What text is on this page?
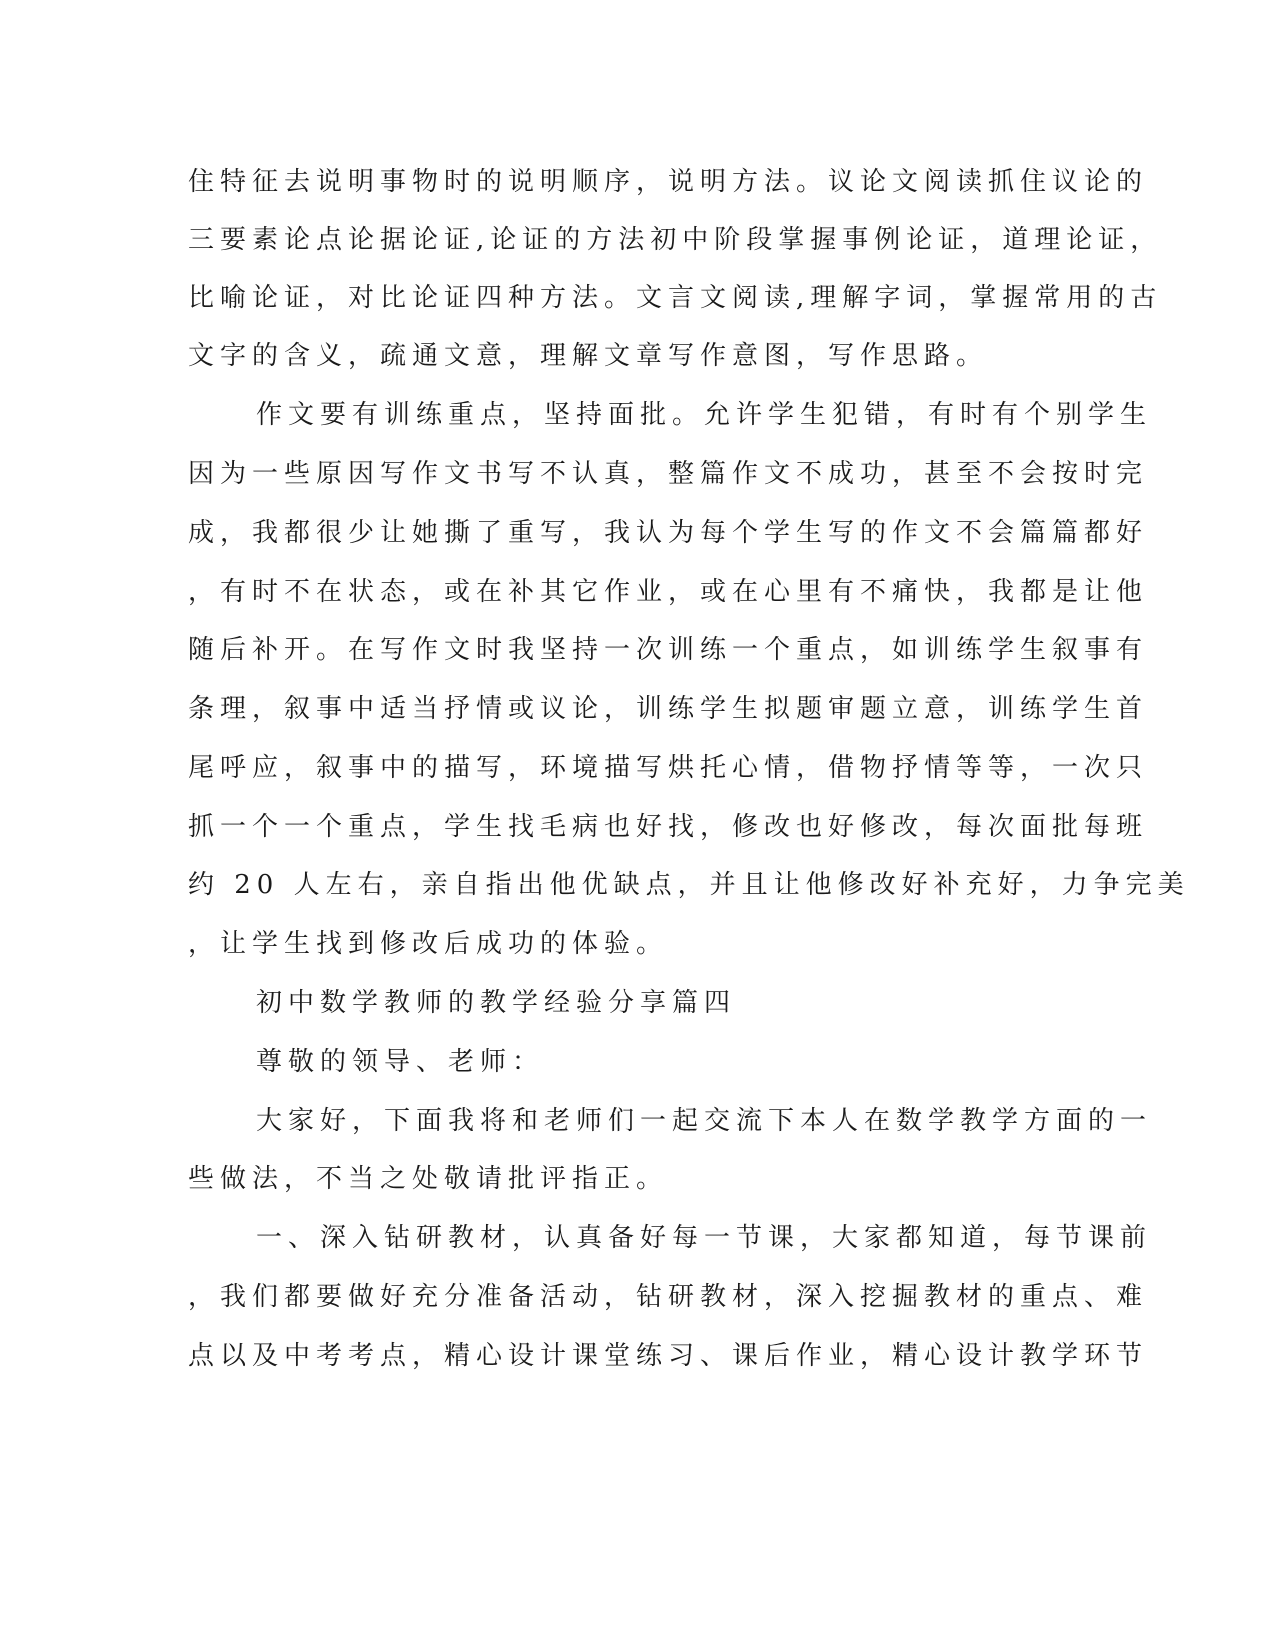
住特征去说明事物时的说明顺序，说明方法。议论文阅读抓住议论的
三要素论点论据论证,论证的方法初中阶段掌握事例论证，道理论证，
比喻论证，对比论证四种方法。文言文阅读,理解字词，掌握常用的古
文字的含义，疏通文意，理解文章写作意图，写作思路。
作文要有训练重点，坚持面批。允许学生犯错，有时有个别学生
因为一些原因写作文书写不认真，整篇作文不成功，甚至不会按时完
成，我都很少让她撕了重写，我认为每个学生写的作文不会篇篇都好
，有时不在状态，或在补其它作业，或在心里有不痛快，我都是让他
随后补开。在写作文时我坚持一次训练一个重点，如训练学生叙事有
条理，叙事中适当抒情或议论，训练学生拟题审题立意，训练学生首
尾呼应，叙事中的描写，环境描写烘托心情，借物抒情等等，一次只
抓一个一个重点，学生找毛病也好找，修改也好修改，每次面批每班
约 20 人左右，亲自指出他优缺点，并且让他修改好补充好，力争完美
，让学生找到修改后成功的体验。
初中数学教师的教学经验分享篇四
尊敬的领导、老师：
大家好，下面我将和老师们一起交流下本人在数学教学方面的一
些做法，不当之处敬请批评指正。
一、深入钻研教材，认真备好每一节课，大家都知道，每节课前
，我们都要做好充分准备活动，钻研教材，深入挖掘教材的重点、难
点以及中考考点，精心设计课堂练习、课后作业，精心设计教学环节
